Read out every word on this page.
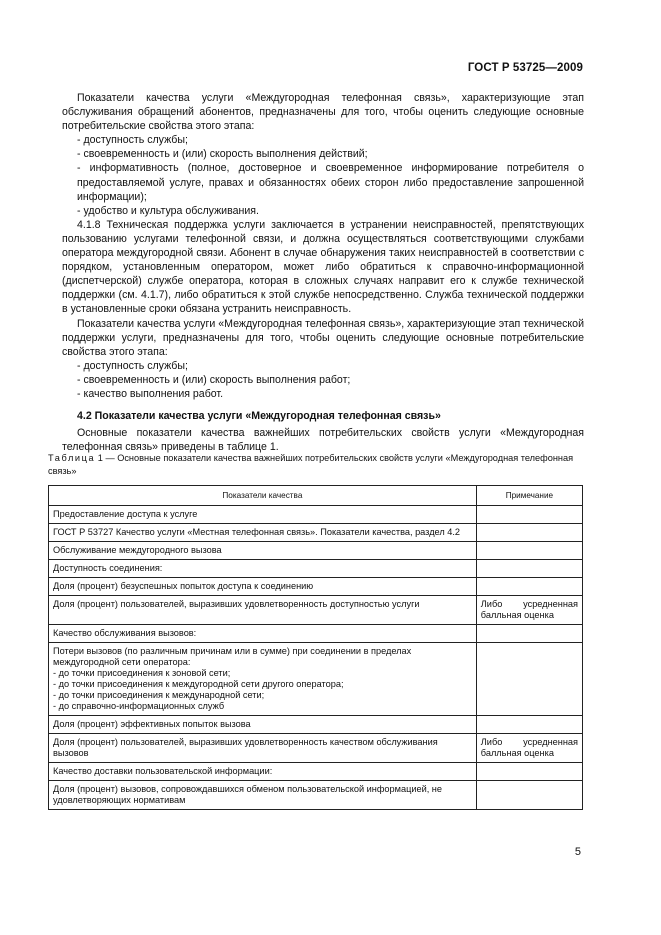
ГОСТ Р 53725—2009

Показатели качества услуги «Междугородная телефонная связь», характеризующие этап обслуживания обращений абонентов, предназначены для того, чтобы оценить следующие основные потребительские свойства этого этапа:

- доступность службы;

- своевременность и (или) скорость выполнения действий;

- информативность (полное, достоверное и своевременное информирование потребителя о предоставляемой услуге, правах и обязанностях обеих сторон либо предоставление запрошенной информации);

- удобство и культура обслуживания.

4.1.8 Техническая поддержка услуги заключается в устранении неисправностей, препятствующих пользованию услугами телефонной связи, и должна осуществляться соответствующими службами оператора междугородной связи. Абонент в случае обнаружения таких неисправностей в соответствии с порядком, установленным оператором, может либо обратиться к справочно-информационной (диспетчерской) службе оператора, которая в сложных случаях направит его к службе технической поддержки (см. 4.1.7), либо обратиться к этой службе непосредственно. Служба технической поддержки в установленные сроки обязана устранить неисправность.

Показатели качества услуги «Междугородная телефонная связь», характеризующие этап технической поддержки услуги, предназначены для того, чтобы оценить следующие основные потребительские свойства этого этапа:

- доступность службы;

- своевременность и (или) скорость выполнения работ;

- качество выполнения работ.

4.2 Показатели качества услуги «Междугородная телефонная связь»

Основные показатели качества важнейших потребительских свойств услуги «Междугородная телефонная связь» приведены в таблице 1.

Таблица 1 — Основные показатели качества важнейших потребительских свойств услуги «Междугородная телефонная связь»
Показатели качества	Примечание
Предоставление доступа к услуге	
ГОСТ Р 53727 Качество услуги «Местная телефонная связь». Показатели качества, раздел 4.2	
Обслуживание междугородного вызова	
Доступность соединения:	
Доля (процент) безуспешных попыток доступа к соединению	
Доля (процент) пользователей, выразивших удовлетворенность доступностью услуги	Либо усредненная балльная оценка
Качество обслуживания вызовов:	
Потери вызовов (по различным причинам или в сумме) при соединении в пределах междугородной сети оператора:
- до точки присоединения к зоновой сети;
- до точки присоединения к междугородной сети другого оператора;
- до точки присоединения к международной сети;
- до справочно-информационных служб	
Доля (процент) эффективных попыток вызова	
Доля (процент) пользователей, выразивших удовлетворенность качеством обслуживания вызовов	Либо усредненная балльная оценка
Качество доставки пользовательской информации:	
Доля (процент) вызовов, сопровождавшихся обменом пользовательской информацией, не удовлетворяющих нормативам	
5
